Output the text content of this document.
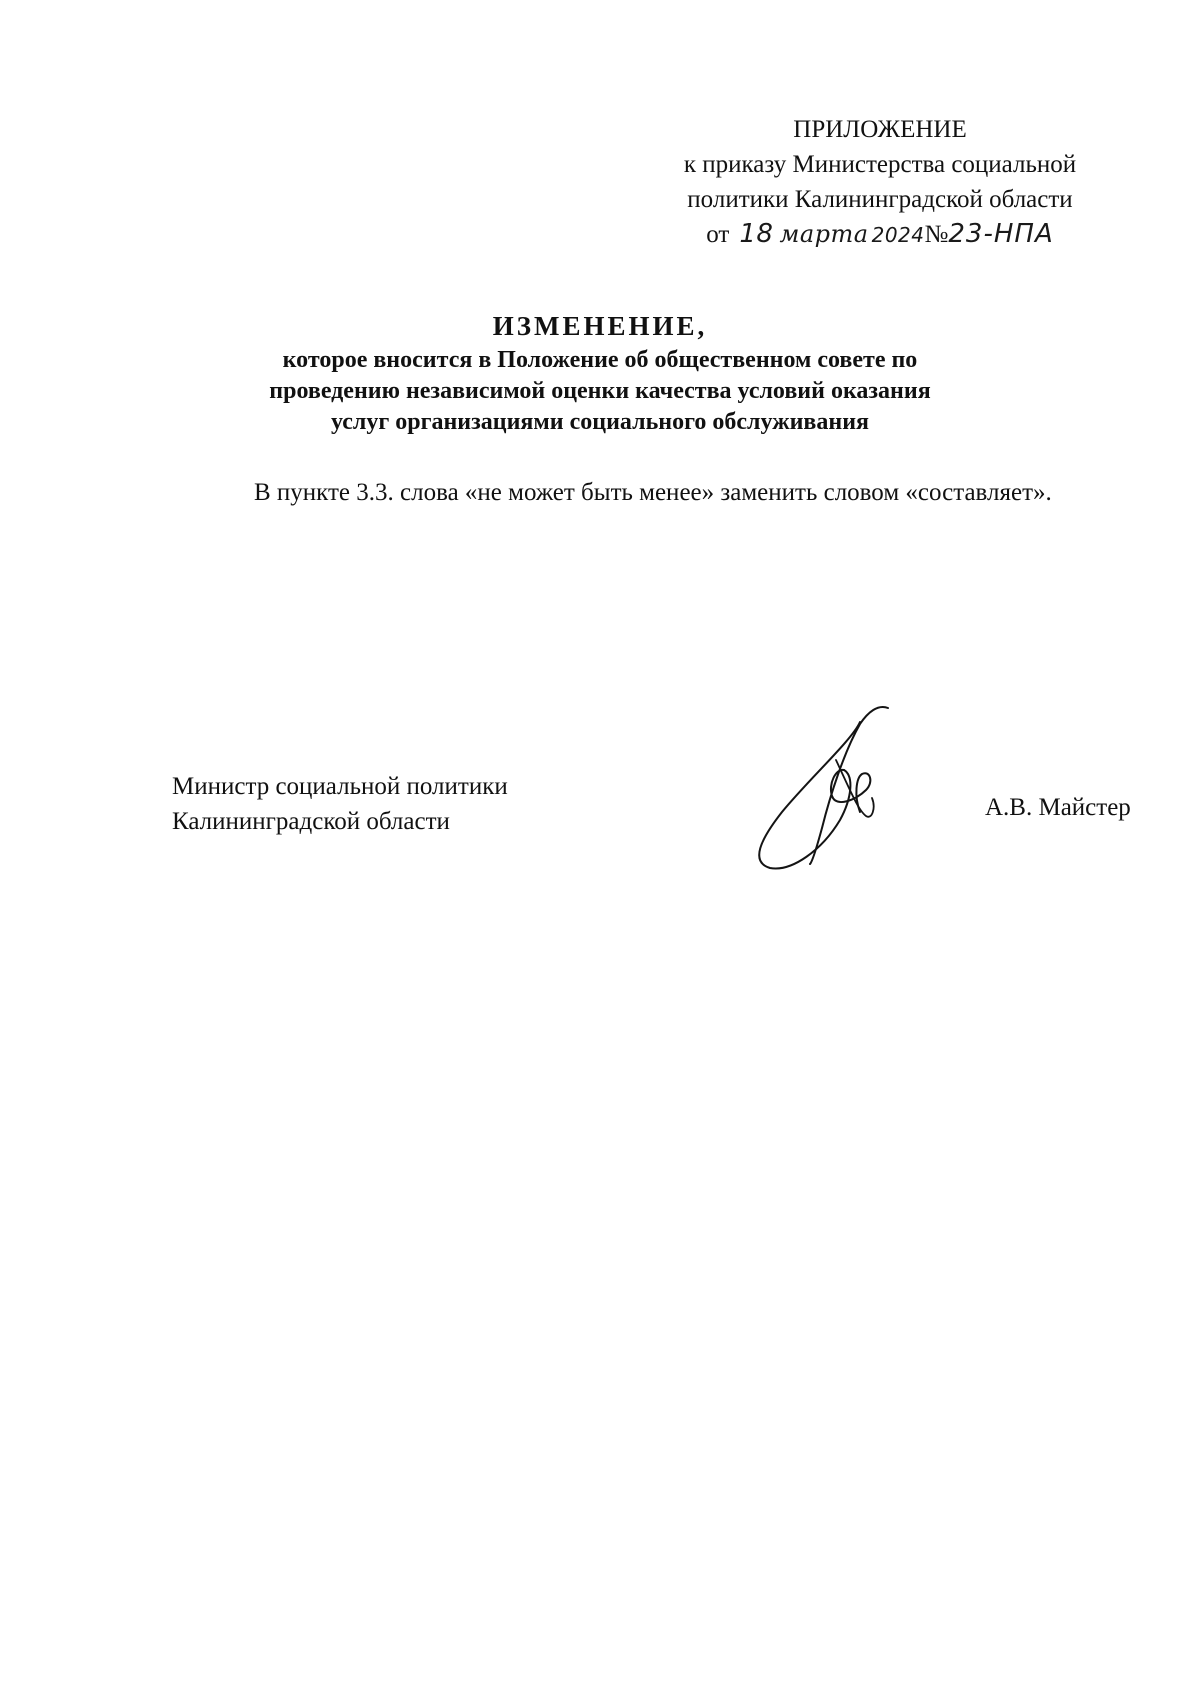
ПРИЛОЖЕНИЕ
к приказу Министерства социальной
политики Калининградской области
от 18 марта 2024№23-НПА
ИЗМЕНЕНИЕ,
которое вносится в Положение об общественном совете по
проведению независимой оценки качества условий оказания
услуг организациями социального обслуживания
В пункте 3.3. слова «не может быть менее» заменить словом «составляет».
Министр социальной политики
Калининградской области
А.В. Майстер
